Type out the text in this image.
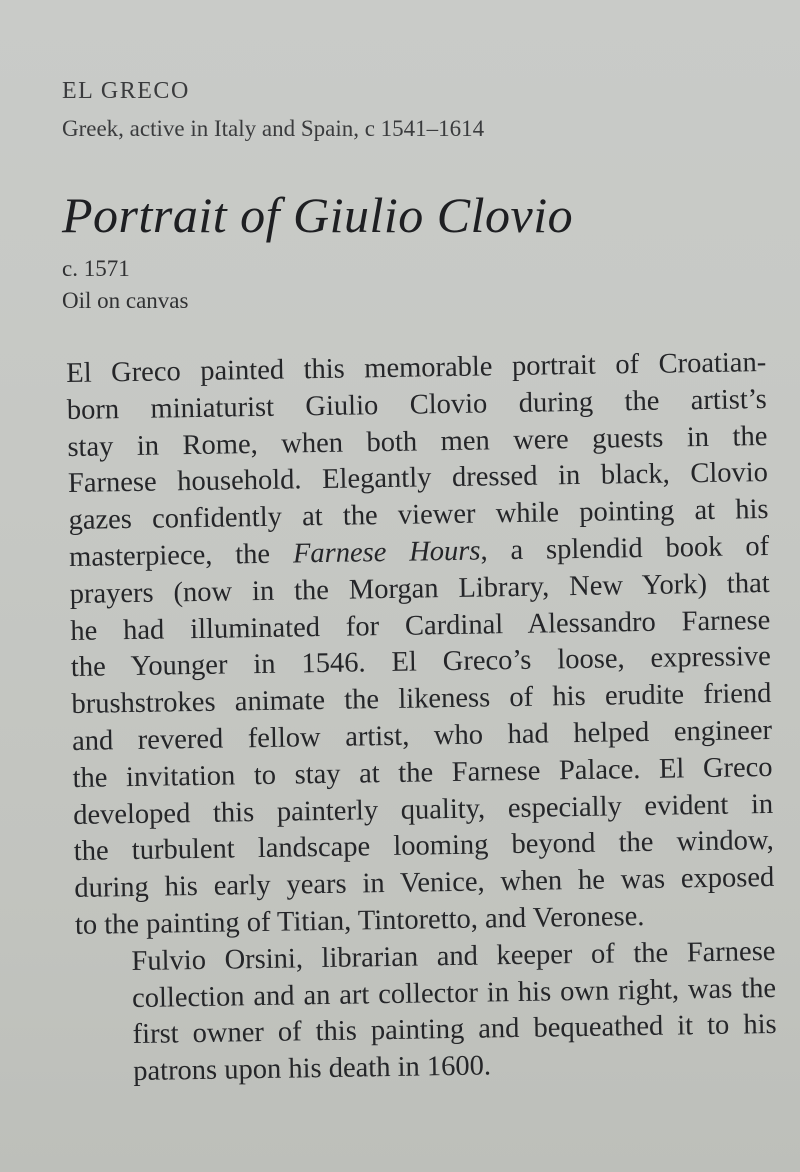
EL GRECO
Greek, active in Italy and Spain, c 1541–1614
Portrait of Giulio Clovio
c. 1571
Oil on canvas

El Greco painted this memorable portrait of Croatian-
born miniaturist Giulio Clovio during the artist’s
stay in Rome, when both men were guests in the
Farnese household. Elegantly dressed in black, Clovio
gazes confidently at the viewer while pointing at his
masterpiece, the Farnese Hours, a splendid book of
prayers (now in the Morgan Library, New York) that
he had illuminated for Cardinal Alessandro Farnese
the Younger in 1546. El Greco’s loose, expressive
brushstrokes animate the likeness of his erudite friend
and revered fellow artist, who had helped engineer
the invitation to stay at the Farnese Palace. El Greco
developed this painterly quality, especially evident in
the turbulent landscape looming beyond the window,
during his early years in Venice, when he was exposed
to the painting of Titian, Tintoretto, and Veronese.

Fulvio Orsini, librarian and keeper of the Farnese
collection and an art collector in his own right, was the
first owner of this painting and bequeathed it to his
patrons upon his death in 1600.
